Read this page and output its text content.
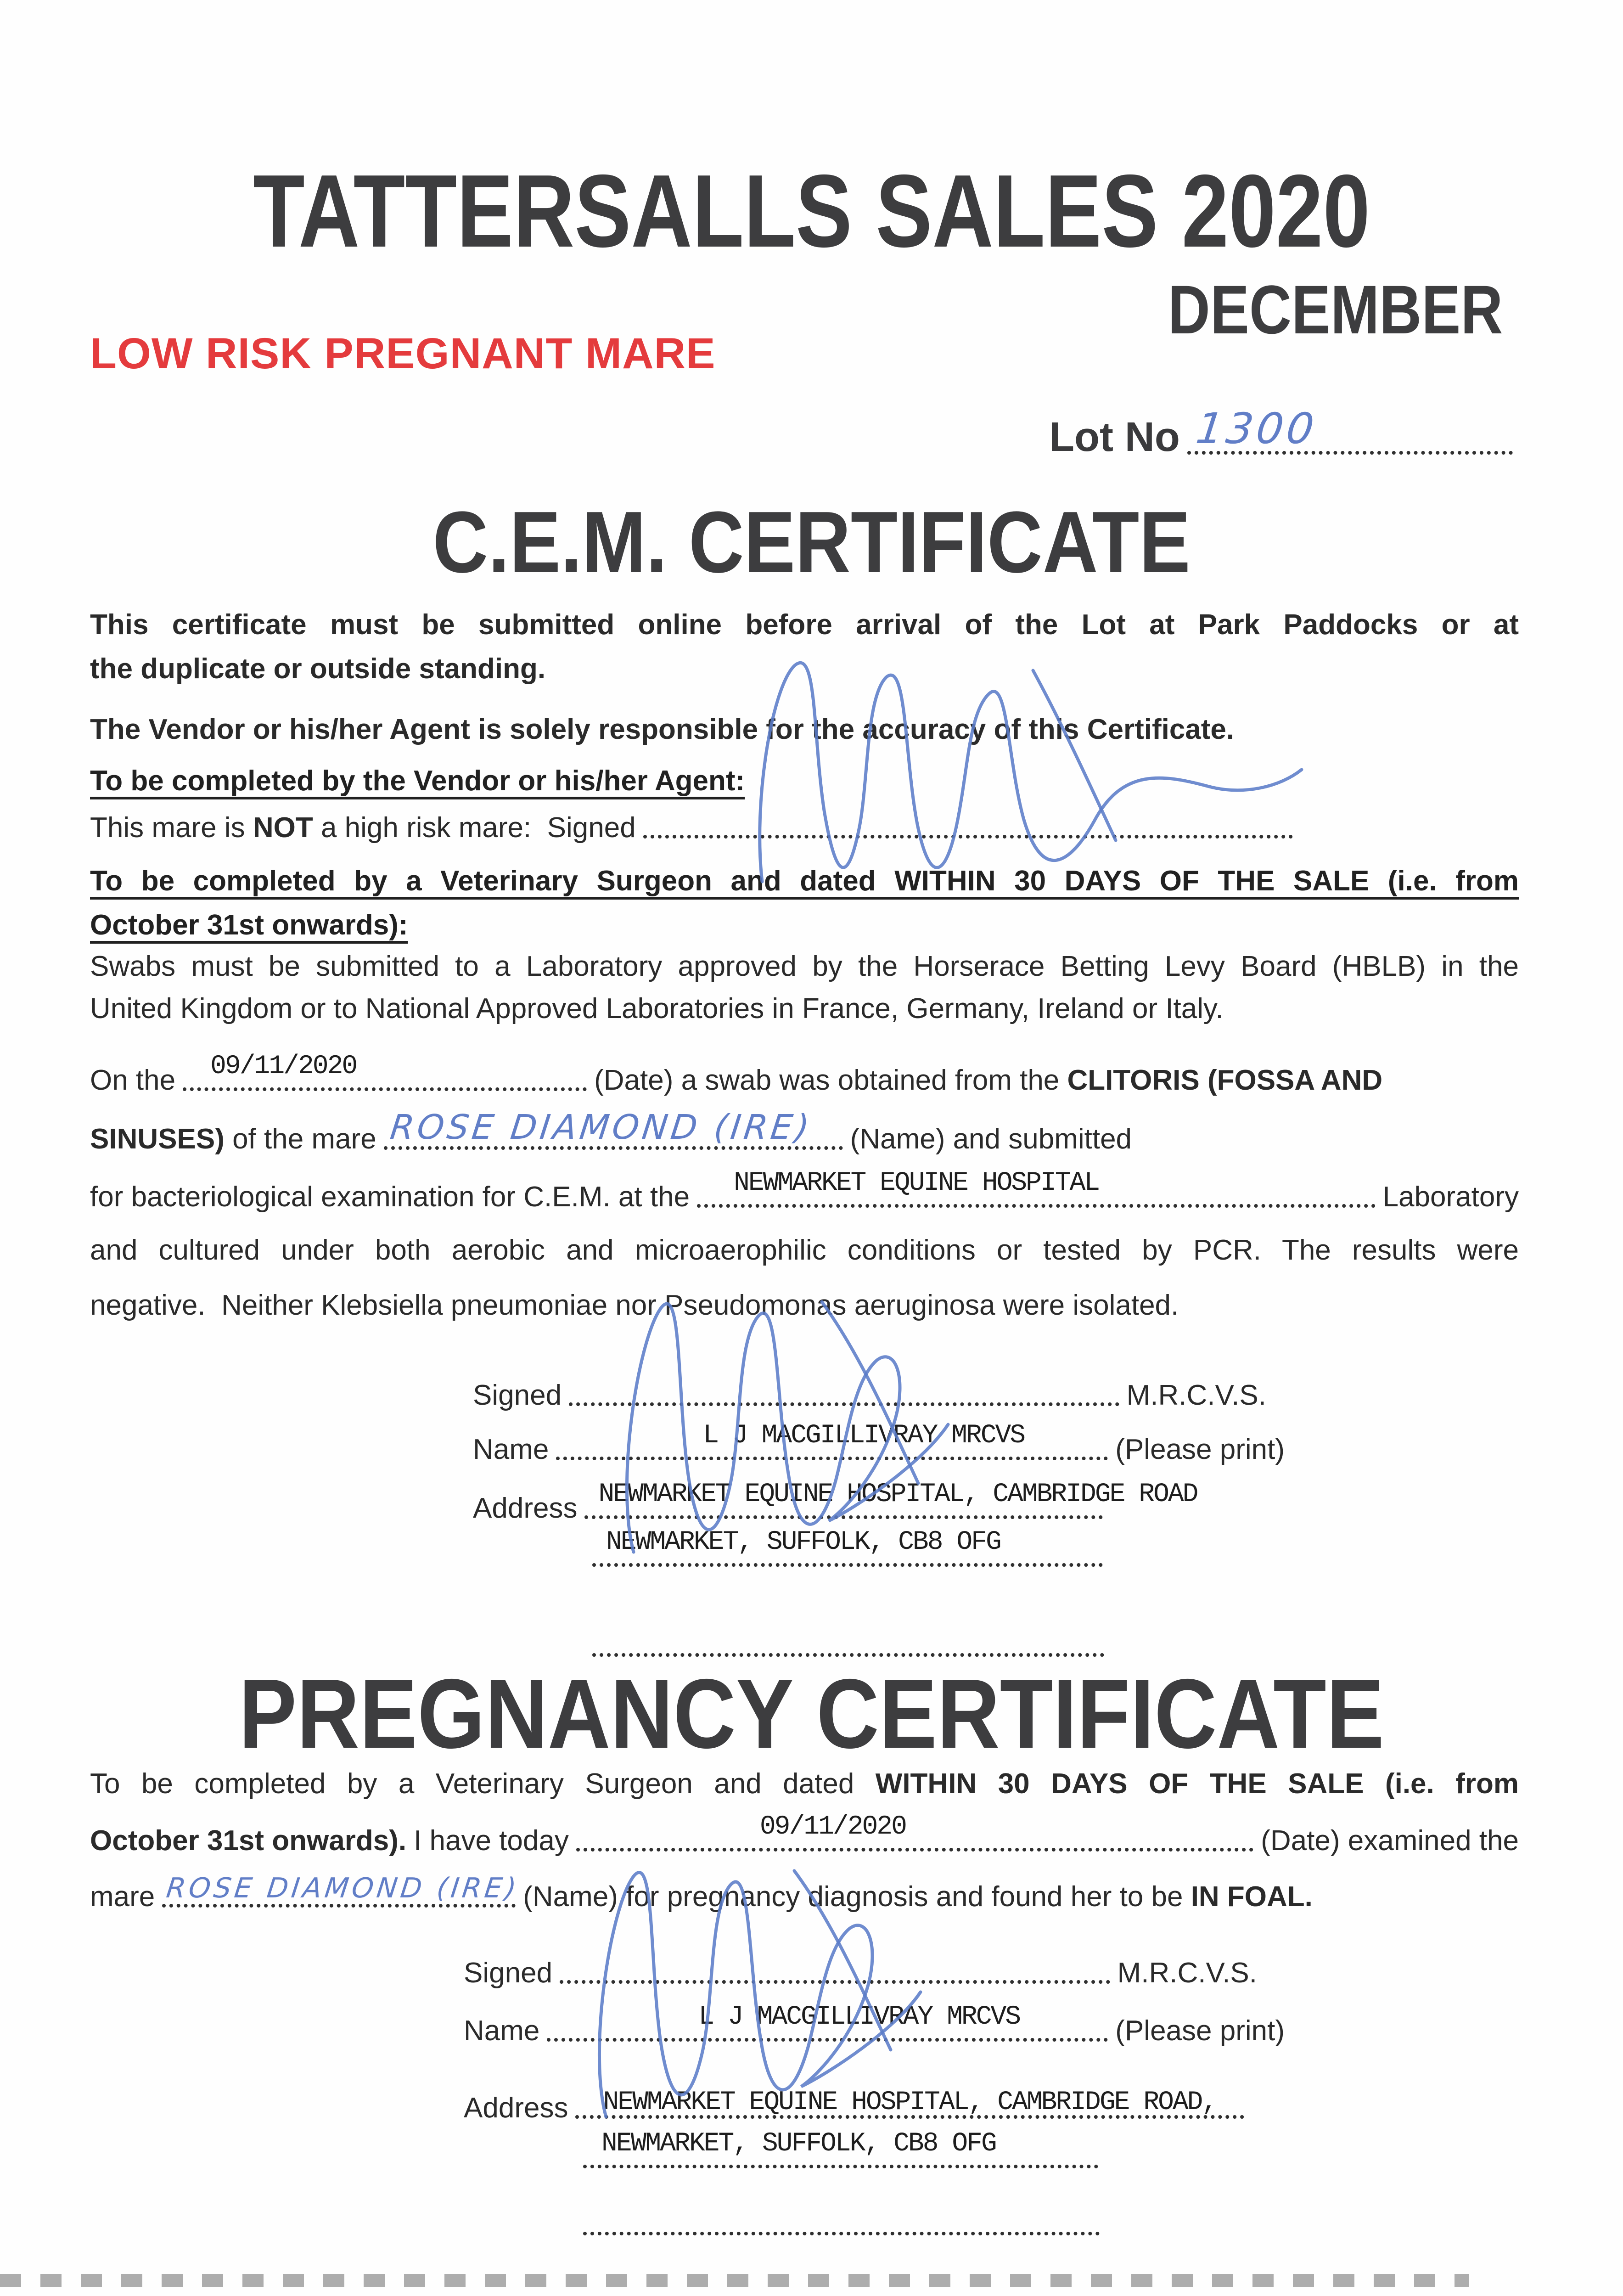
TATTERSALLS SALES 2020
DECEMBER
LOW RISK PREGNANT MARE
Lot No 1300
C.E.M. CERTIFICATE
This certificate must be submitted online before arrival of the Lot at Park Paddocks or at
the duplicate or outside standing.
The Vendor or his/her Agent is solely responsible for the accuracy of this Certificate.
To be completed by the Vendor or his/her Agent:
This mare is NOT a high risk mare:  Signed
To be completed by a Veterinary Surgeon and dated WITHIN 30 DAYS OF THE SALE (i.e. from
October 31st onwards):
Swabs must be submitted to a Laboratory approved by the Horserace Betting Levy Board (HBLB) in the
United Kingdom or to National Approved Laboratories in France, Germany, Ireland or Italy.
On the 09/11/2020	(Date) a swab was obtained from the CLITORIS (FOSSA AND
SINUSES) of the mare ROSE DIAMOND (IRE) (Name) and submitted
for bacteriological examination for C.E.M. at the NEWMARKET EQUINE HOSPITAL	Laboratory
and cultured under both aerobic and microaerophilic conditions or tested by PCR. The results were
negative.  Neither Klebsiella pneumoniae nor Pseudomonas aeruginosa were isolated.
Signed	M.R.C.V.S.
Name	L J MACGILLIVRAY MRCVS	(Please print)
Address NEWMARKET EQUINE HOSPITAL, CAMBRIDGE ROAD
NEWMARKET, SUFFOLK, CB8 OFG
PREGNANCY CERTIFICATE
To be completed by a Veterinary Surgeon and dated WITHIN 30 DAYS OF THE SALE (i.e. from
October 31st onwards). I have today	09/11/2020	(Date) examined the
mare ROSE DIAMOND (IRE) (Name) for pregnancy diagnosis and found her to be IN FOAL.
Signed	M.R.C.V.S.
Name	L J MACGILLIVRAY MRCVS	(Please print)
Address NEWMARKET EQUINE HOSPITAL, CAMBRIDGE ROAD,
NEWMARKET, SUFFOLK, CB8 OFG
